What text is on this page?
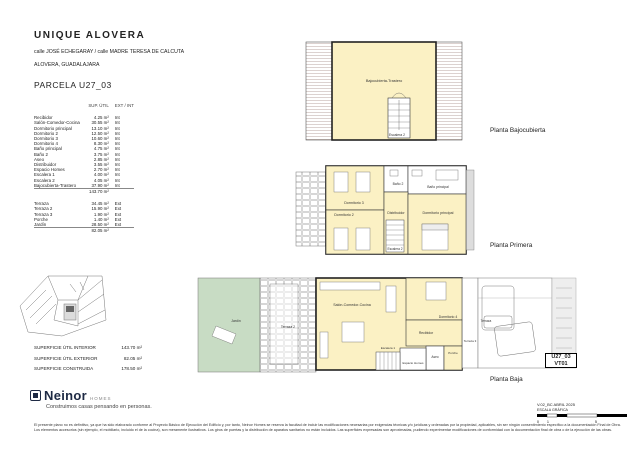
UNIQUE ALOVERA
calle JOSÉ ECHEGARAY / calle MADRE TERESA DE CALCUTA
ALOVERA, GUADALAJARA
PARCELA U27_03
	SUP. ÚTIL	EXT / INT

Recibidor	4.25 m²	Int
Salón-Comedor-Cocina	30.55 m²	Int
Dormitorio principal	13.10 m²	Int
Dormitorio 2	12.50 m²	Int
Dormitorio 3	10.60 m²	Int
Dormitorio 4	8.30 m²	Int
Baño principal	4.75 m²	Int
Baño 2	3.75 m²	Int
Aseo	2.85 m²	Int
Distribuidor	3.55 m²	Int
Espacio Homes	2.70 m²	Int
Escalera 1	4.00 m²	Int
Escalera 2	4.05 m²	Int
Bajocubierta-Trastero	37.90 m²	Int
	143.70 m²	

Terraza	34.45 m²	Ext
Terraza 2	15.90 m²	Ext
Terraza 3	1.90 m²	Ext
Porche	1.40 m²	Ext
Jardín	28.50 m²	Ext
	82.05 m²	
SUPERFICIE ÚTIL INTERIOR	143.70 m²
SUPERFICIE ÚTIL EXTERIOR	82.05 m²
SUPERFICIE CONSTRUIDA	178.50 m²
Neinor HOMES
Construimos casas pensando en personas.
Bajocubierta-Trastero
Escalera 2
Planta Bajocubierta
Dormitorio 3
Baño 2
Baño principal
Dormitorio 2	Distribuidor	Dormitorio principal
Escalera 2	Planta Primera
Jardín
Terraza 2
Salón-Comedor-Cocina
Dormitorio 4
Recibidor
Terraza 3
Aseo
Espacio Homes
Escalera 1
Porche
Terraza
U27_03
VT01
Planta Baja
V.02_BC ABRIL 2025
ESCALA GRÁFICA
0 1	5
El presente plano no es definitivo, ya que ha sido elaborado conforme al Proyecto Básico de Ejecución del Edificio y, por tanto, Neinor Homes se reserva la facultad de incluir las modificaciones necesarias por exigencias técnicas y/o jurídicas y ordenadas por la propiedad, aplicables, sin ser ningún consentimiento específico a la documentación Final de Obra. Los elementos accesorios (sin ejemplo, el mobiliario, incluido el de la cocina), son meramente ilustrativos. Los giros de puertas y la distribución de aparatos sanitarios no están incluidos. Las superficies expresadas son aproximadas, pudiendo experimentar modificaciones de conformidad con la documentación final de obra o de la ejecución de las obras.
